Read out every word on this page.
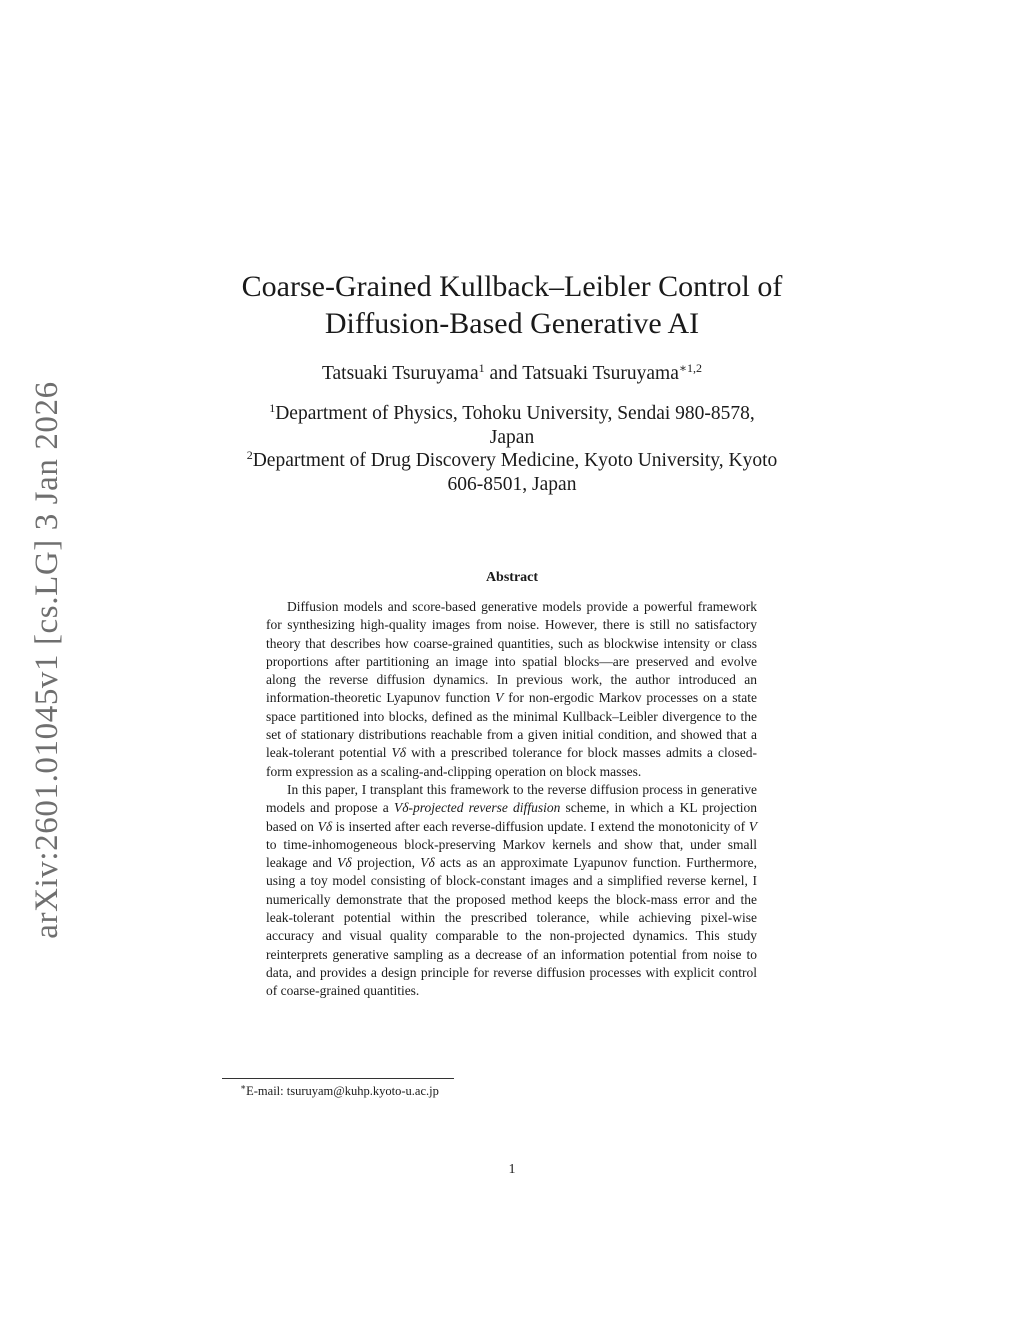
arXiv:2601.01045v1 [cs.LG] 3 Jan 2026
Coarse-Grained Kullback–Leibler Control of
Diffusion-Based Generative AI
Tatsuaki Tsuruyama$^1$ and Tatsuaki Tsuruyama$^{∗1,2}$
$^1$Department of Physics, Tohoku University, Sendai 980-8578,
Japan
$^2$Department of Drug Discovery Medicine, Kyoto University, Kyoto
606-8501, Japan
Abstract

Diffusion models and score-based generative models provide a powerful framework for synthesizing high-quality images from noise. However, there is still no satisfactory theory that describes how coarse-grained quantities, such as blockwise intensity or class proportions after partitioning an image into spatial blocks—are preserved and evolve along the reverse diffusion dynamics. In previous work, the author introduced an information-theoretic Lyapunov function V for non-ergodic Markov processes on a state space partitioned into blocks, defined as the minimal Kullback–Leibler divergence to the set of stationary distributions reachable from a given initial condition, and showed that a leak-tolerant potential Vδ with a prescribed tolerance for block masses admits a closed-form expression as a scaling-and-clipping operation on block masses.

In this paper, I transplant this framework to the reverse diffusion process in generative models and propose a Vδ-projected reverse diffusion scheme, in which a KL projection based on Vδ is inserted after each reverse-diffusion update. I extend the monotonicity of V to time-inhomogeneous block-preserving Markov kernels and show that, under small leakage and Vδ projection, Vδ acts as an approximate Lyapunov function. Furthermore, using a toy model consisting of block-constant images and a simplified reverse kernel, I numerically demonstrate that the proposed method keeps the block-mass error and the leak-tolerant potential within the prescribed tolerance, while achieving pixel-wise accuracy and visual quality comparable to the non-projected dynamics. This study reinterprets generative sampling as a decrease of an information potential from noise to data, and provides a design principle for reverse diffusion processes with explicit control of coarse-grained quantities.

∗E-mail: tsuruyam@kuhp.kyoto-u.ac.jp
1
